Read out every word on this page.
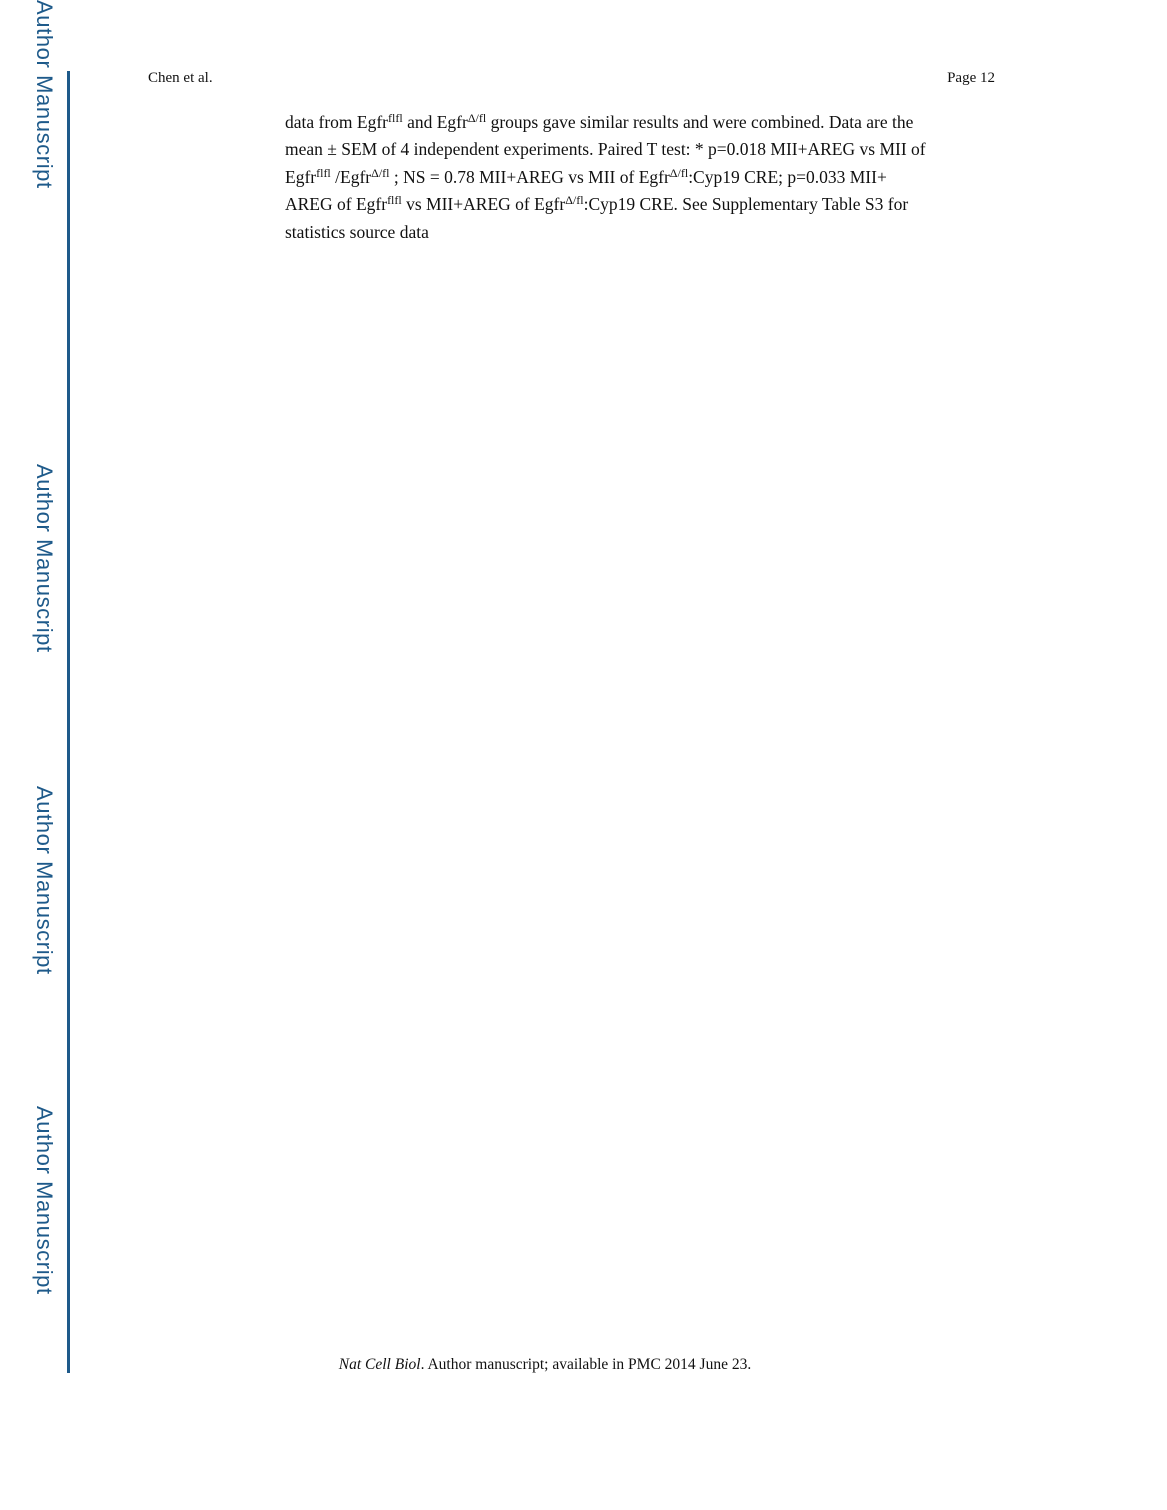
Author Manuscript
Author Manuscript
Author Manuscript
Author Manuscript	Chen et al.	Page 12
data from Egfr$^{flfl}$ and Egfr$^{\Delta/fl}$ groups gave similar results and were combined. Data are the
mean ± SEM of 4 independent experiments. Paired T test: * p=0.018 MII+AREG vs MII of
Egfr$^{flfl}$ /Egfr$^{\Delta/fl}$ ; NS = 0.78 MII+AREG vs MII of Egfr$^{\Delta/fl}$:Cyp19 CRE; p=0.033 MII+
AREG of Egfr$^{flfl}$ vs MII+AREG of Egfr$^{\Delta/fl}$:Cyp19 CRE. See Supplementary Table S3 for
statistics source data
Nat Cell Biol. Author manuscript; available in PMC 2014 June 23.
